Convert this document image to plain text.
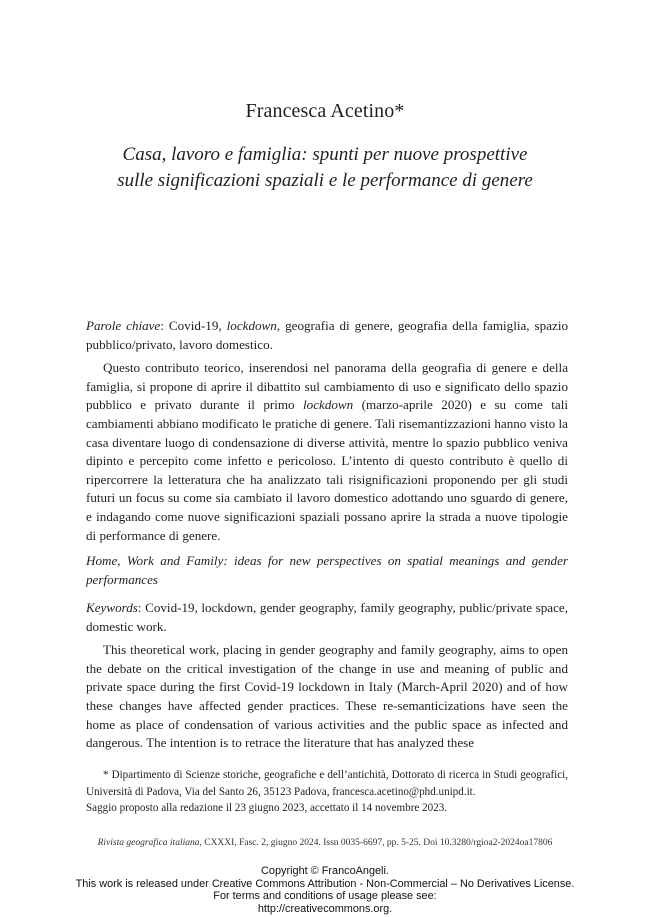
Francesca Acetino*
Casa, lavoro e famiglia: spunti per nuove prospettive
sulle significazioni spaziali e le performance di genere

Parole chiave: Covid-19, lockdown, geografia di genere, geografia della famiglia, spazio pubblico/privato, lavoro domestico.

Questo contributo teorico, inserendosi nel panorama della geografia di genere e della famiglia, si propone di aprire il dibattito sul cambiamento di uso e significato dello spazio pubblico e privato durante il primo lockdown (marzo-aprile 2020) e su come tali cambiamenti abbiano modificato le pratiche di genere. Tali risemantizzazioni hanno visto la casa diventare luogo di condensazione di diverse attività, mentre lo spazio pubblico veniva dipinto e percepito come infetto e pericoloso. L’intento di questo contributo è quello di ripercorrere la letteratura che ha analizzato tali risignificazioni proponendo per gli studi futuri un focus su come sia cambiato il lavoro domestico adottando uno sguardo di genere, e indagando come nuove significazioni spaziali possano aprire la strada a nuove tipologie di performance di genere.

Home, Work and Family: ideas for new perspectives on spatial meanings and gender performances

Keywords: Covid-19, lockdown, gender geography, family geography, public/private space, domestic work.

This theoretical work, placing in gender geography and family geography, aims to open the debate on the critical investigation of the change in use and meaning of public and private space during the first Covid-19 lockdown in Italy (March-April 2020) and of how these changes have affected gender practices. These re-semanticizations have seen the home as place of condensation of various activities and the public space as infected and dangerous. The intention is to retrace the literature that has analyzed these

* Dipartimento di Scienze storiche, geografiche e dell’antichità, Dottorato di ricerca in Studi geografici, Università di Padova, Via del Santo 26, 35123 Padova, francesca.acetino@phd.unipd.it.

Saggio proposto alla redazione il 23 giugno 2023, accettato il 14 novembre 2023.

Rivista geografica italiana, CXXXI, Fasc. 2, giugno 2024. Issn 0035-6697, pp. 5-25. Doi 10.3280/rgioa2-2024oa17806
Copyright © FrancoAngeli.
This work is released under Creative Commons Attribution - Non-Commercial – No Derivatives License.
For terms and conditions of usage please see:
http://creativecommons.org.
